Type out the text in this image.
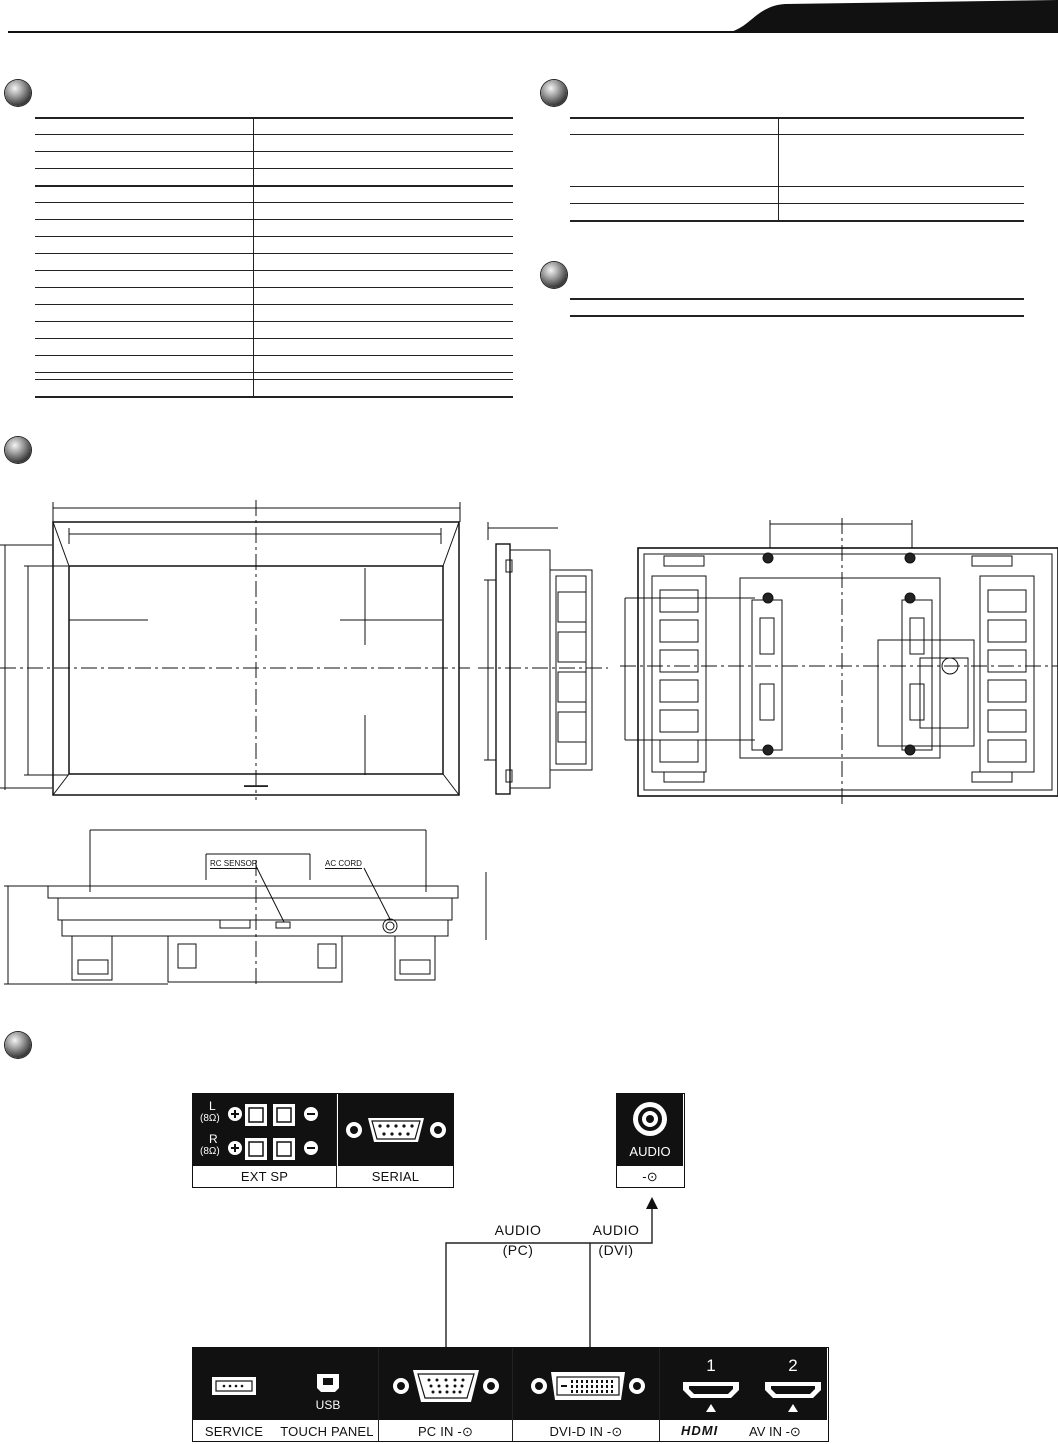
▬▬▬▬
RC SENSOR	AC CORD
L
(8Ω)
R
(8Ω)
EXT SP	SERIAL
AUDIO
-⊙
AUDIO
(PC)
AUDIO
(DVI)
USB
1	2
SERVICE	TOUCH PANEL	PC IN -⊙	DVI-D IN -⊙	HDMI AV IN -⊙
